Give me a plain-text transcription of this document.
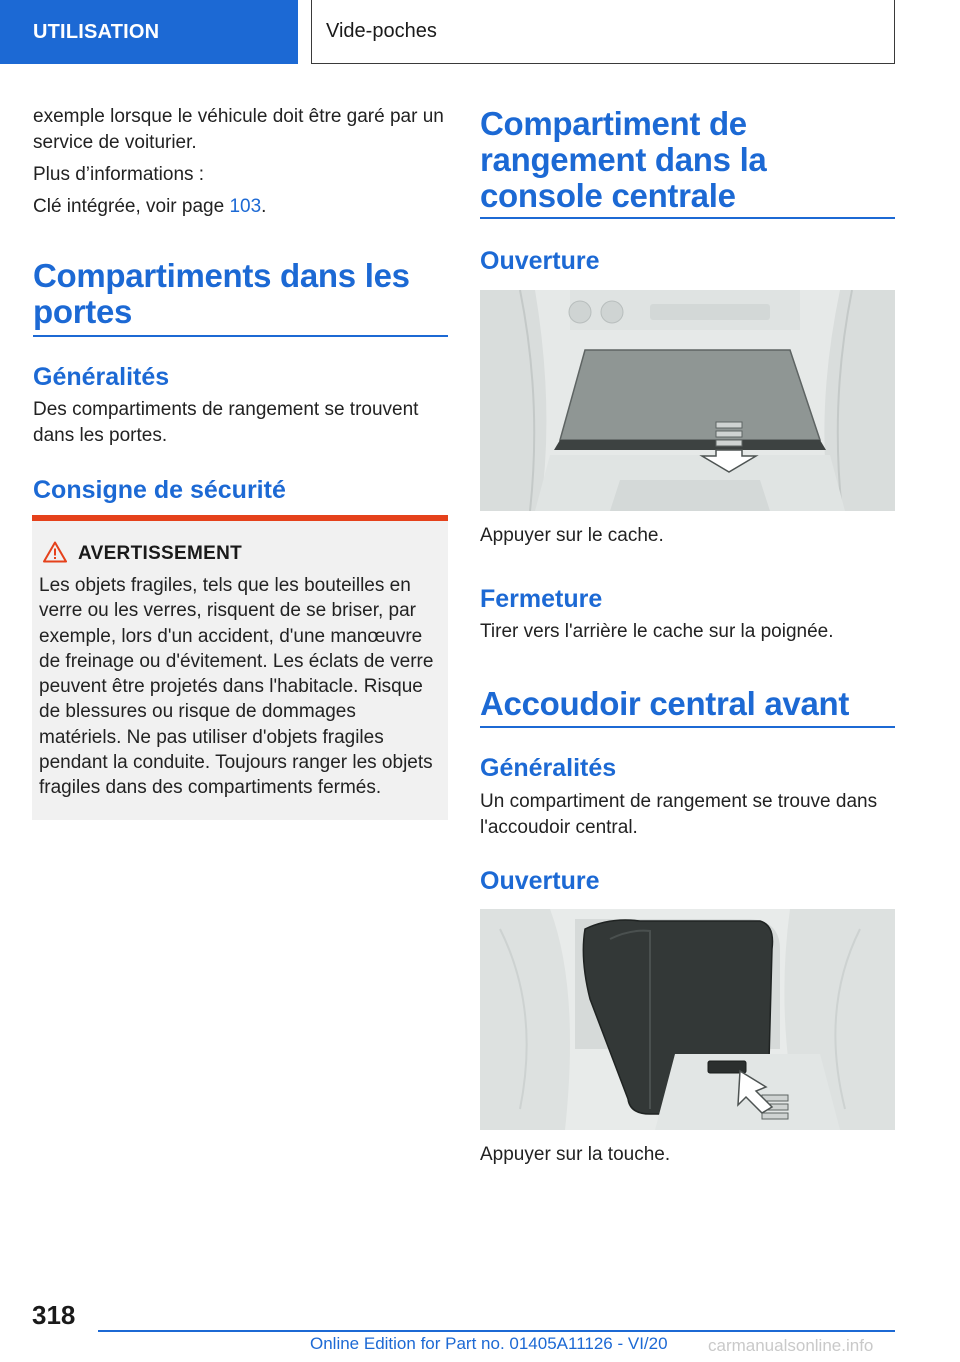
UTILISATION	Vide-poches

exemple lorsque le véhicule doit être garé par un service de voiturier.

Plus d’informations :

Clé intégrée, voir page 103.

Compartiments dans les portes
Généralités

Des compartiments de rangement se trouvent dans les portes.

Consigne de sécurité
AVERTISSEMENT

Les objets fragiles, tels que les bouteilles en verre ou les verres, risquent de se briser, par exemple, lors d'un accident, d'une manœuvre de freinage ou d'évitement. Les éclats de verre peuvent être projetés dans l'habitacle. Risque de blessures ou risque de dommages matériels. Ne pas utiliser d'objets fragiles pendant la conduite. Toujours ranger les objets fragiles dans des compartiments fermés.

Compartiment de rangement dans la console centrale
Ouverture

Appuyer sur le cache.

Fermeture

Tirer vers l'arrière le cache sur la poignée.

Accoudoir central avant
Généralités

Un compartiment de rangement se trouve dans l'accoudoir central.

Ouverture

Appuyer sur la touche.

318
Online Edition for Part no. 01405A11126 - VI/20 carmanualsonline.info
